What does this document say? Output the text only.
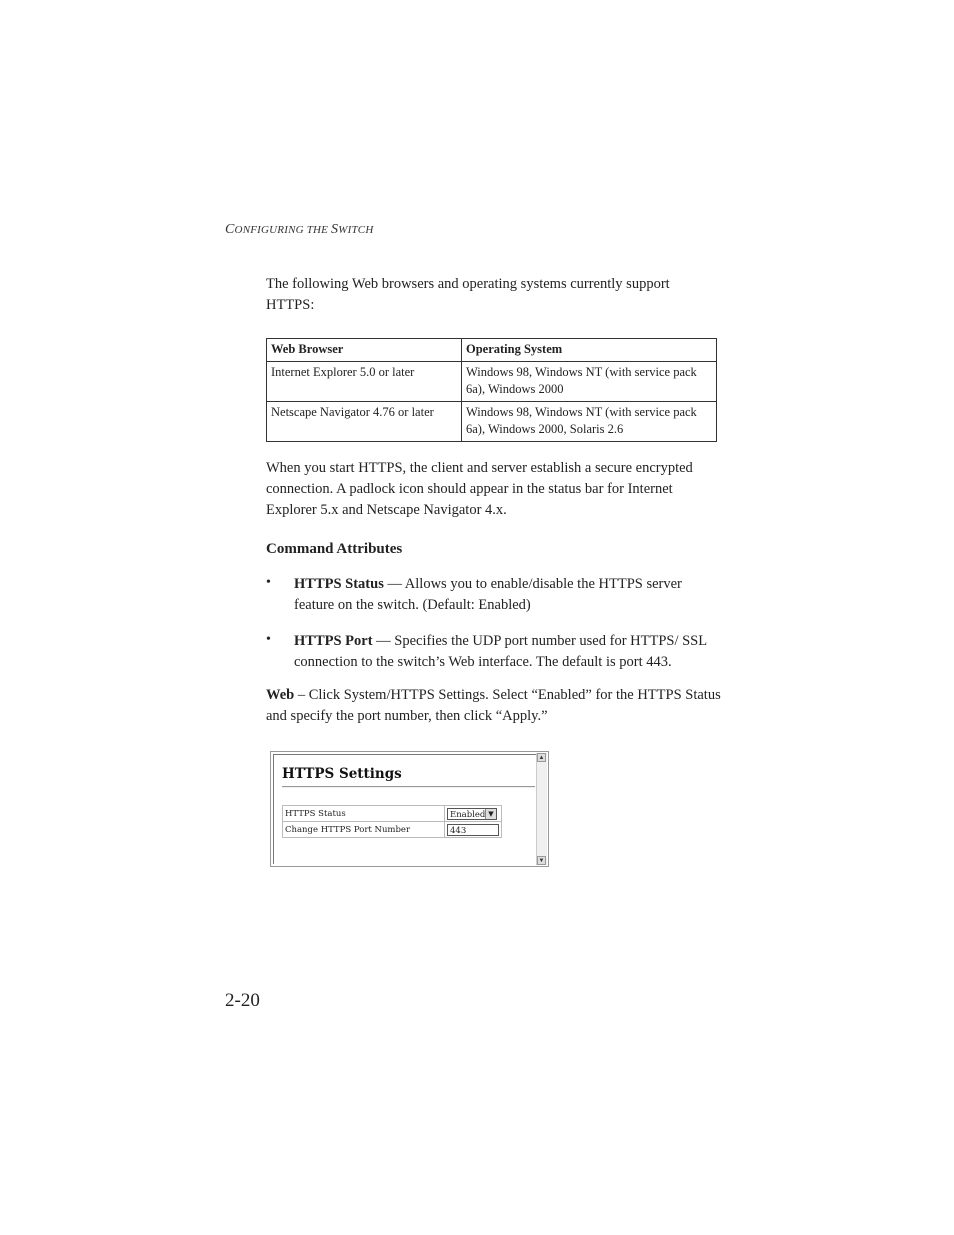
CONFIGURING THE SWITCH
The following Web browsers and operating systems currently support HTTPS:
Web Browser	Operating System
Internet Explorer 5.0 or later	Windows 98, Windows NT (with service pack 6a), Windows 2000
Netscape Navigator 4.76 or later	Windows 98, Windows NT (with service pack 6a), Windows 2000, Solaris 2.6
When you start HTTPS, the client and server establish a secure encrypted connection. A padlock icon should appear in the status bar for Internet Explorer 5.x and Netscape Navigator 4.x.
Command Attributes
• HTTPS Status — Allows you to enable/disable the HTTPS server feature on the switch. (Default: Enabled)
• HTTPS Port — Specifies the UDP port number used for HTTPS/ SSL connection to the switch’s Web interface. The default is port 443.
Web – Click System/HTTPS Settings. Select “Enabled” for the HTTPS Status and specify the port number, then click “Apply.”
HTTPS Settings
HTTPS Status	Enabled ▼

Change HTTPS Port Number	443
▲
▼
2-20
